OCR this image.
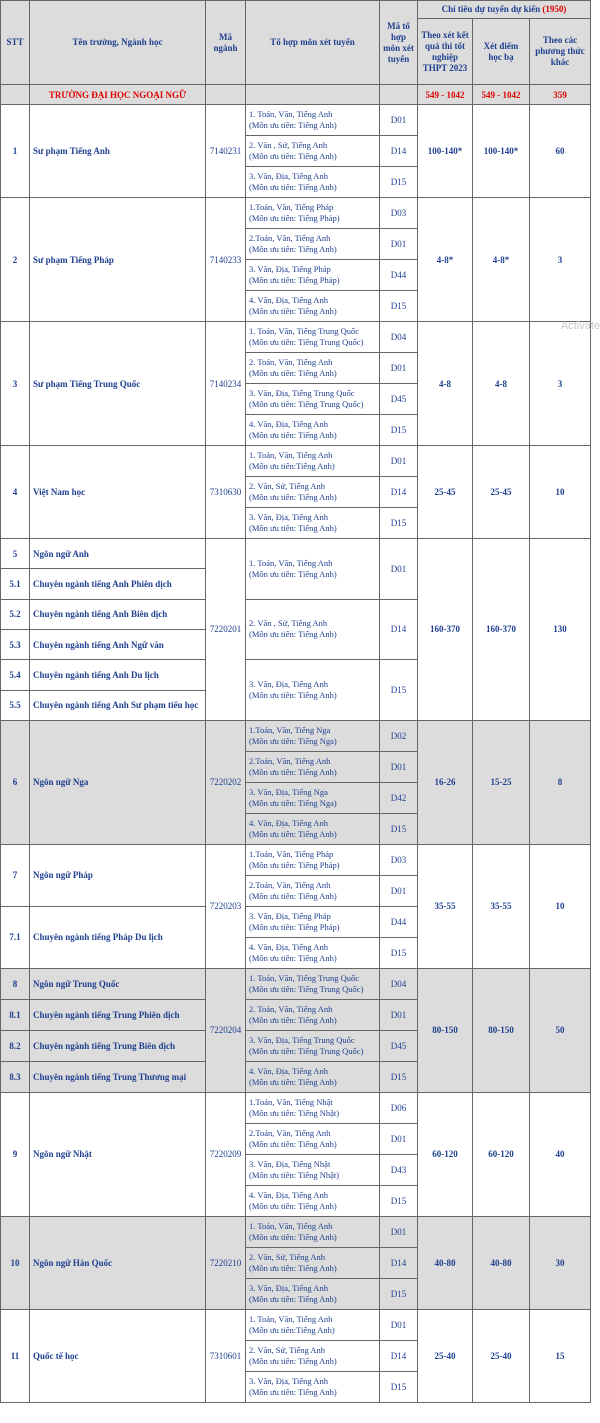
STT	Tên trường, Ngành học	Mã ngành	Tổ hợp môn xét tuyển	Mã tổ hợp môn xét tuyển	Chỉ tiêu dự tuyển dự kiến (1950)		
					Theo xét kết quả thi tốt nghiệp THPT 2023	Xét điểm học bạ	Theo các phương thức khác
	TRƯỜNG ĐẠI HỌC NGOẠI NGỮ				549 - 1042	549 - 1042	359
1	Sư phạm Tiếng Anh	7140231	1. Toán, Văn, Tiếng Anh
(Môn ưu tiên: Tiếng Anh)	D01	100-140*	100-140*	60

			2. Văn , Sử, Tiếng Anh
(Môn ưu tiên: Tiếng Anh)	D14			

			3. Văn, Địa, Tiếng Anh
(Môn ưu tiên: Tiếng Anh)	D15			
2	Sư phạm Tiếng Pháp	7140233	1.Toán, Văn, Tiếng Pháp
(Môn ưu tiên: Tiếng Pháp)	D03	4-8*	4-8*	3

			2.Toán, Văn, Tiếng Anh
(Môn ưu tiên: Tiếng Anh)	D01			

			3. Văn, Địa, Tiếng Pháp
(Môn ưu tiên: Tiếng Pháp)	D44			

			4. Văn, Địa, Tiếng Anh
(Môn ưu tiên: Tiếng Anh)	D15			
3	Sư phạm Tiếng Trung Quốc	7140234	1. Toán, Văn, Tiếng Trung Quốc
(Môn ưu tiên: Tiếng Trung Quốc)	D04	4-8	4-8	3

			2. Toán, Văn, Tiếng Anh
(Môn ưu tiên: Tiếng Anh)	D01			

			3. Văn, Địa, Tiếng Trung Quốc
(Môn ưu tiên: Tiếng Trung Quốc)	D45			

			4. Văn, Địa, Tiếng Anh
(Môn ưu tiên: Tiếng Anh)	D15			
4	Việt Nam học	7310630	1. Toán, Văn, Tiếng Anh
(Môn ưu tiên:Tiếng Anh)	D01	25-45	25-45	10

			2. Văn, Sử, Tiếng Anh
(Môn ưu tiên: Tiếng Anh)	D14			

			3. Văn, Địa, Tiếng Anh
(Môn ưu tiên: Tiếng Anh)	D15			
5	Ngôn ngữ Anh	7220201	1. Toán, Văn, Tiếng Anh
(Môn ưu tiên: Tiếng Anh)	D01	160-370	160-370	130
5.1	Chuyên ngành tiếng Anh Phiên dịch						
5.2	Chuyên ngành tiếng Anh Biên dịch		2. Văn , Sử, Tiếng Anh
(Môn ưu tiên: Tiếng Anh)	D14			
5.3	Chuyên ngành tiếng Anh Ngữ văn						
5.4	Chuyên ngành tiếng Anh Du lịch		3. Văn, Địa, Tiếng Anh
(Môn ưu tiên: Tiếng Anh)	D15			
5.5	Chuyên ngành tiếng Anh Sư phạm tiểu học						
6	Ngôn ngữ Nga	7220202	1.Toán, Văn, Tiếng Nga
(Môn ưu tiên: Tiếng Nga)	D02	16-26	15-25	8

			2.Toán, Văn, Tiếng Anh
(Môn ưu tiên: Tiếng Anh)	D01			

			3. Văn, Địa, Tiếng Nga
(Môn ưu tiên: Tiếng Nga)	D42			

			4. Văn, Địa, Tiếng Anh
(Môn ưu tiên: Tiếng Anh)	D15			
7	Ngôn ngữ Pháp	7220203	1.Toán, Văn, Tiếng Pháp
(Môn ưu tiên: Tiếng Pháp)	D03	35-55	35-55	10

			2.Toán, Văn, Tiếng Anh
(Môn ưu tiên: Tiếng Anh)	D01			
7.1	Chuyên ngành tiếng Pháp Du lịch		3. Văn, Địa, Tiếng Pháp
(Môn ưu tiên: Tiếng Pháp)	D44			

			4. Văn, Địa, Tiếng Anh
(Môn ưu tiên: Tiếng Anh)	D15			
8	Ngôn ngữ Trung Quốc	7220204	1. Toán, Văn, Tiếng Trung Quốc
(Môn ưu tiên: Tiếng Trung Quốc)	D04	80-150	80-150	50
8.1	Chuyên ngành tiếng Trung Phiên dịch		2. Toán, Văn, Tiếng Anh
(Môn ưu tiên: Tiếng Anh)	D01			
8.2	Chuyên ngành tiếng Trung Biên dịch		3. Văn, Địa, Tiếng Trung Quốc
(Môn ưu tiên: Tiếng Trung Quốc)	D45			
8.3	Chuyên ngành tiếng Trung Thương mại		4. Văn, Địa, Tiếng Anh
(Môn ưu tiên: Tiếng Anh)	D15			
9	Ngôn ngữ Nhật	7220209	1.Toán, Văn, Tiếng Nhật
(Môn ưu tiên: Tiếng Nhật)	D06	60-120	60-120	40

			2.Toán, Văn, Tiếng Anh
(Môn ưu tiên: Tiếng Anh)	D01			

			3. Văn, Địa, Tiếng Nhật
(Môn ưu tiên: Tiếng Nhật)	D43			

			4. Văn, Địa, Tiếng Anh
(Môn ưu tiên: Tiếng Anh)	D15			
10	Ngôn ngữ Hàn Quốc	7220210	1. Toán, Văn, Tiếng Anh
(Môn ưu tiên: Tiếng Anh)	D01	40-80	40-80	30

			2. Văn, Sử, Tiếng Anh
(Môn ưu tiên: Tiếng Anh)	D14			

			3. Văn, Địa, Tiếng Anh
(Môn ưu tiên: Tiếng Anh)	D15			
11	Quốc tế học	7310601	1. Toán, Văn, Tiếng Anh
(Môn ưu tiên:Tiếng Anh)	D01	25-40	25-40	15

			2. Văn, Sử, Tiếng Anh
(Môn ưu tiên: Tiếng Anh)	D14			

			3. Văn, Địa, Tiếng Anh
(Môn ưu tiên: Tiếng Anh)	D15			
Activate
